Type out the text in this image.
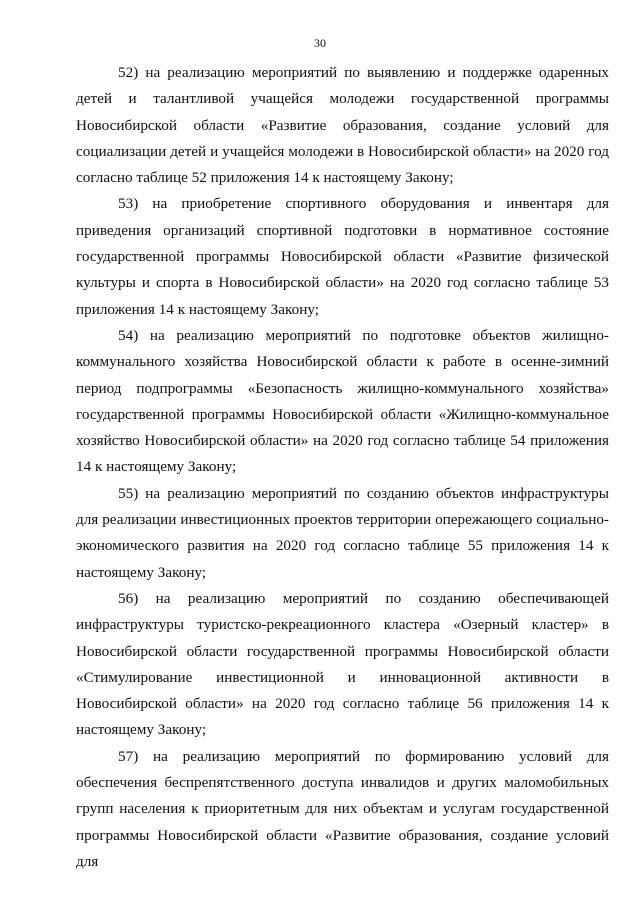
30

52) на реализацию мероприятий по выявлению и поддержке одаренных детей и талантливой учащейся молодежи государственной программы Новосибирской области «Развитие образования, создание условий для социализации детей и учащейся молодежи в Новосибирской области» на 2020 год согласно таблице 52 приложения 14 к настоящему Закону;

53) на приобретение спортивного оборудования и инвентаря для приведения организаций спортивной подготовки в нормативное состояние государственной программы Новосибирской области «Развитие физической культуры и спорта в Новосибирской области» на 2020 год согласно таблице 53 приложения 14 к настоящему Закону;

54) на реализацию мероприятий по подготовке объектов жилищно-коммунального хозяйства Новосибирской области к работе в осенне-зимний период подпрограммы «Безопасность жилищно-коммунального хозяйства» государственной программы Новосибирской области «Жилищно-коммунальное хозяйство Новосибирской области» на 2020 год согласно таблице 54 приложения 14 к настоящему Закону;

55) на реализацию мероприятий по созданию объектов инфраструктуры для реализации инвестиционных проектов территории опережающего социально-экономического развития на 2020 год согласно таблице 55 приложения 14 к настоящему Закону;

56) на реализацию мероприятий по созданию обеспечивающей инфраструктуры туристско-рекреационного кластера «Озерный кластер» в Новосибирской области государственной программы Новосибирской области «Стимулирование инвестиционной и инновационной активности в Новосибирской области» на 2020 год согласно таблице 56 приложения 14 к настоящему Закону;

57) на реализацию мероприятий по формированию условий для обеспечения беспрепятственного доступа инвалидов и других маломобильных групп населения к приоритетным для них объектам и услугам государственной программы Новосибирской области «Развитие образования, создание условий для
